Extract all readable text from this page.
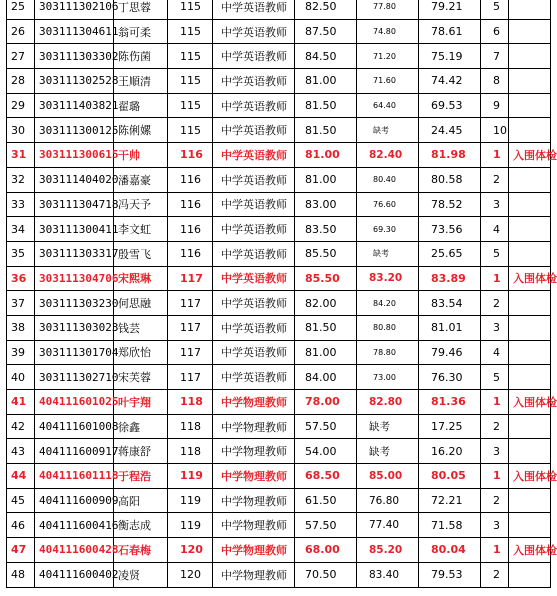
25	303111302106	丁思蓉	115	中学英语教师	82.50	77.80	79.21	5	
26	303111304611	翁可柔	115	中学英语教师	87.50	74.80	78.61	6	
27	303111303302	陈伤菌	115	中学英语教师	84.50	71.20	75.19	7	
28	303111302528	王順清	115	中学英语教师	81.00	71.60	74.42	8	
29	303111403821	翟璐	115	中学英语教师	81.50	64.40	69.53	9	
30	303111300125	陈俐嫘	115	中学英语教师	81.50	缺考	24.45	10	
31	303111300615	干帅	116	中学英语教师	81.00	82.40	81.98	1	入围体检
32	303111404020	潘嘉豪	116	中学英语教师	81.00	80.40	80.58	2	
33	303111304718	冯天予	116	中学英语教师	83.00	76.60	78.52	3	
34	303111300411	李文虹	116	中学英语教师	83.50	69.30	73.56	4	
35	303111303317	殷雪飞	116	中学英语教师	85.50	缺考	25.65	5	
36	303111304706	宋熙琳	117	中学英语教师	85.50	83.20	83.89	1	入围体检
37	303111303230	何思融	117	中学英语教师	82.00	84.20	83.54	2	
38	303111303023	钱芸	117	中学英语教师	81.50	80.80	81.01	3	
39	303111301704	郑欣怡	117	中学英语教师	81.00	78.80	79.46	4	
40	303111302710	宋芙蓉	117	中学英语教师	84.00	73.00	76.30	5	
41	404111601025	叶宇翔	118	中学物理教师	78.00	82.80	81.36	1	入围体检
42	404111601008	徐鑫	118	中学物理教师	57.50	缺考	17.25	2	
43	404111600917	蒋康舒	118	中学物理教师	54.00	缺考	16.20	3	
44	404111601118	于程浩	119	中学物理教师	68.50	85.00	80.05	1	入围体检
45	404111600909	高阳	119	中学物理教师	61.50	76.80	72.21	2	
46	404111600416	衡志成	119	中学物理教师	57.50	77.40	71.58	3	
47	404111600428	石春梅	120	中学物理教师	68.00	85.20	80.04	1	入围体检
48	404111600402	凌贤	120	中学物理教师	70.50	83.40	79.53	2	
